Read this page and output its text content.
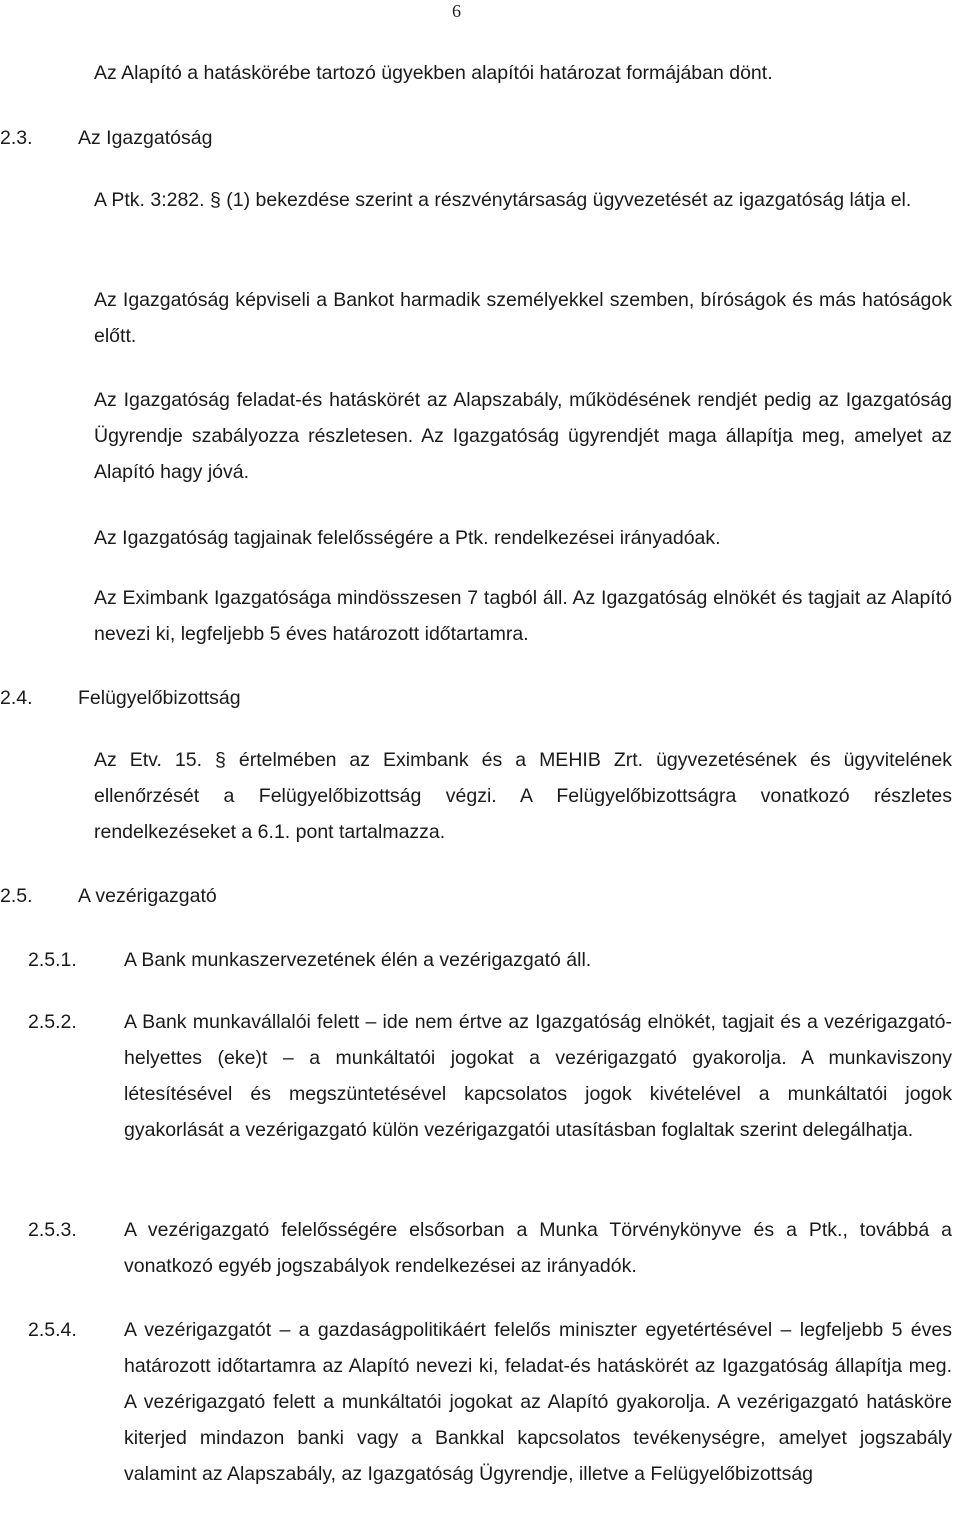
6

Az Alapító a hatáskörébe tartozó ügyekben alapítói határozat formájában dönt.

2.3. Az Igazgatóság

A Ptk. 3:282. § (1) bekezdése szerint a részvénytársaság ügyvezetését az igazgatóság látja el.

Az Igazgatóság képviseli a Bankot harmadik személyekkel szemben, bíróságok és más hatóságok előtt.

Az Igazgatóság feladat-és hatáskörét az Alapszabály, működésének rendjét pedig az Igazgatóság Ügyrendje szabályozza részletesen. Az Igazgatóság ügyrendjét maga állapítja meg, amelyet az Alapító hagy jóvá.

Az Igazgatóság tagjainak felelősségére a Ptk. rendelkezései irányadóak.

Az Eximbank Igazgatósága mindösszesen 7 tagból áll. Az Igazgatóság elnökét és tagjait az Alapító nevezi ki, legfeljebb 5 éves határozott időtartamra.

2.4. Felügyelőbizottság

Az Etv. 15. § értelmében az Eximbank és a MEHIB Zrt. ügyvezetésének és ügyvitelének ellenőrzését a Felügyelőbizottság végzi. A Felügyelőbizottságra vonatkozó részletes rendelkezéseket a 6.1. pont tartalmazza.

2.5. A vezérigazgató
2.5.1.	A Bank munkaszervezetének élén a vezérigazgató áll.
2.5.2.	A Bank munkavállalói felett – ide nem értve az Igazgatóság elnökét, tagjait és a vezérigazgató-helyettes (eke)t – a munkáltatói jogokat a vezérigazgató gyakorolja. A munkaviszony létesítésével és megszüntetésével kapcsolatos jogok kivételével a munkáltatói jogok gyakorlását a vezérigazgató külön vezérigazgatói utasításban foglaltak szerint delegálhatja.
2.5.3.	A vezérigazgató felelősségére elsősorban a Munka Törvénykönyve és a Ptk., továbbá a vonatkozó egyéb jogszabályok rendelkezései az irányadók.
2.5.4.	A vezérigazgatót – a gazdaságpolitikáért felelős miniszter egyetértésével – legfeljebb 5 éves határozott időtartamra az Alapító nevezi ki, feladat-és hatáskörét az Igazgatóság állapítja meg. A vezérigazgató felett a munkáltatói jogokat az Alapító gyakorolja. A vezérigazgató hatásköre kiterjed mindazon banki vagy a Bankkal kapcsolatos tevékenységre, amelyet jogszabály valamint az Alapszabály, az Igazgatóság Ügyrendje, illetve a Felügyelőbizottság
